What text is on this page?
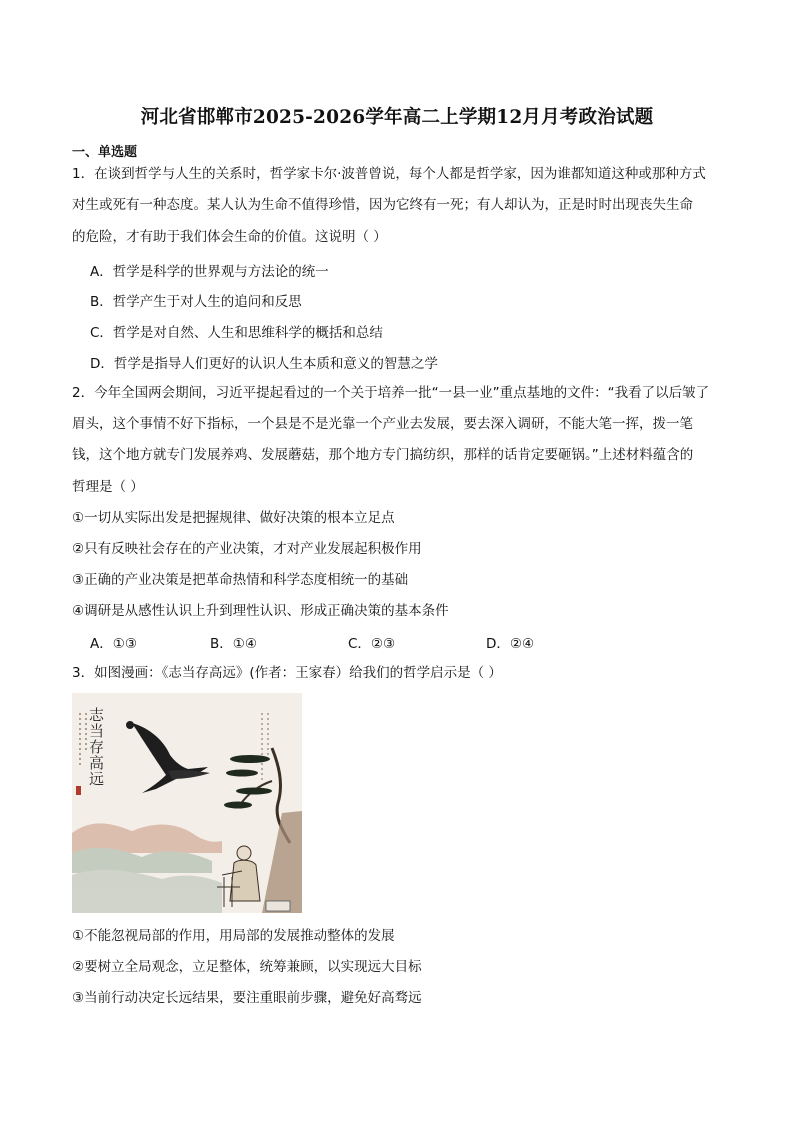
河北省邯郸市2025-2026学年高二上学期12月月考政治试题
一、单选题
1．在谈到哲学与人生的关系时，哲学家卡尔·波普曾说，每个人都是哲学家，因为谁都知道这种或那种方式
对生或死有一种态度。某人认为生命不值得珍惜，因为它终有一死；有人却认为，正是时时出现丧失生命
的危险，才有助于我们体会生命的价值。这说明（ ）
A．哲学是科学的世界观与方法论的统一
B．哲学产生于对人生的追问和反思
C．哲学是对自然、人生和思维科学的概括和总结
D．哲学是指导人们更好的认识人生本质和意义的智慧之学
2．今年全国两会期间，习近平提起看过的一个关于培养一批“一县一业”重点基地的文件：“我看了以后皱了
眉头，这个事情不好下指标，一个县是不是光靠一个产业去发展，要去深入调研，不能大笔一挥，拨一笔
钱，这个地方就专门发展养鸡、发展蘑菇，那个地方专门搞纺织，那样的话肯定要砸锅。”上述材料蕴含的
哲理是（ ）
①一切从实际出发是把握规律、做好决策的根本立足点
②只有反映社会存在的产业决策，才对产业发展起积极作用
③正确的产业决策是把革命热情和科学态度相统一的基础
④调研是从感性认识上升到理性认识、形成正确决策的基本条件
A．①③	B．①④	C．②③	D．②④
3．如图漫画：《志当存高远》(作者：王家春）给我们的哲学启示是（ ）
志当存高远
①不能忽视局部的作用，用局部的发展推动整体的发展
②要树立全局观念，立足整体，统筹兼顾，以实现远大目标
③当前行动决定长远结果，要注重眼前步骤，避免好高骛远
